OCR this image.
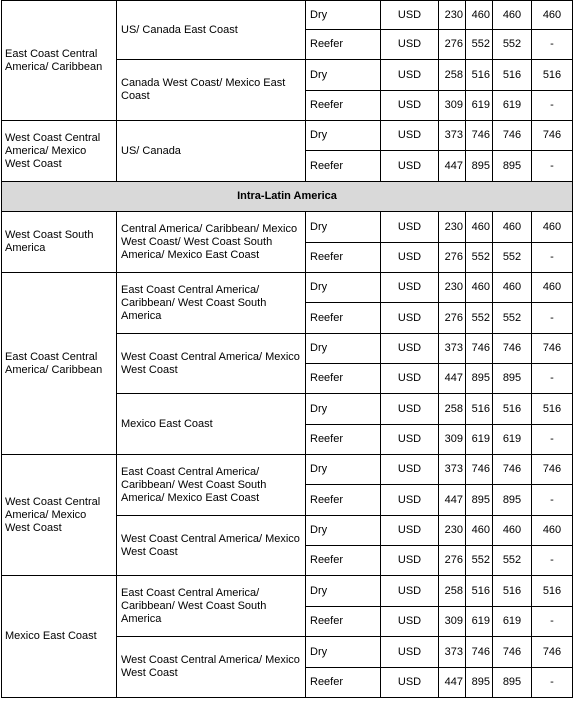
East Coast Central America/ Caribbean	US/ Canada East Coast	Dry	USD	230	460	460	460
		Reefer	USD	276	552	552	-
	Canada West Coast/ Mexico East Coast	Dry	USD	258	516	516	516
		Reefer	USD	309	619	619	-
West Coast Central America/ Mexico West Coast	US/ Canada	Dry	USD	373	746	746	746
		Reefer	USD	447	895	895	-
Intra-Latin America							
West Coast South America	Central America/ Caribbean/ Mexico West Coast/ West Coast South America/ Mexico East Coast	Dry	USD	230	460	460	460
		Reefer	USD	276	552	552	-
East Coast Central America/ Caribbean	East Coast Central America/ Caribbean/ West Coast South America	Dry	USD	230	460	460	460
		Reefer	USD	276	552	552	-
	West Coast Central America/ Mexico West Coast	Dry	USD	373	746	746	746
		Reefer	USD	447	895	895	-
	Mexico East Coast	Dry	USD	258	516	516	516
		Reefer	USD	309	619	619	-
West Coast Central America/ Mexico West Coast	East Coast Central America/ Caribbean/ West Coast South America/ Mexico East Coast	Dry	USD	373	746	746	746
		Reefer	USD	447	895	895	-
	West Coast Central America/ Mexico West Coast	Dry	USD	230	460	460	460
		Reefer	USD	276	552	552	-
Mexico East Coast	East Coast Central America/ Caribbean/ West Coast South America	Dry	USD	258	516	516	516
		Reefer	USD	309	619	619	-
	West Coast Central America/ Mexico West Coast	Dry	USD	373	746	746	746
		Reefer	USD	447	895	895	-
